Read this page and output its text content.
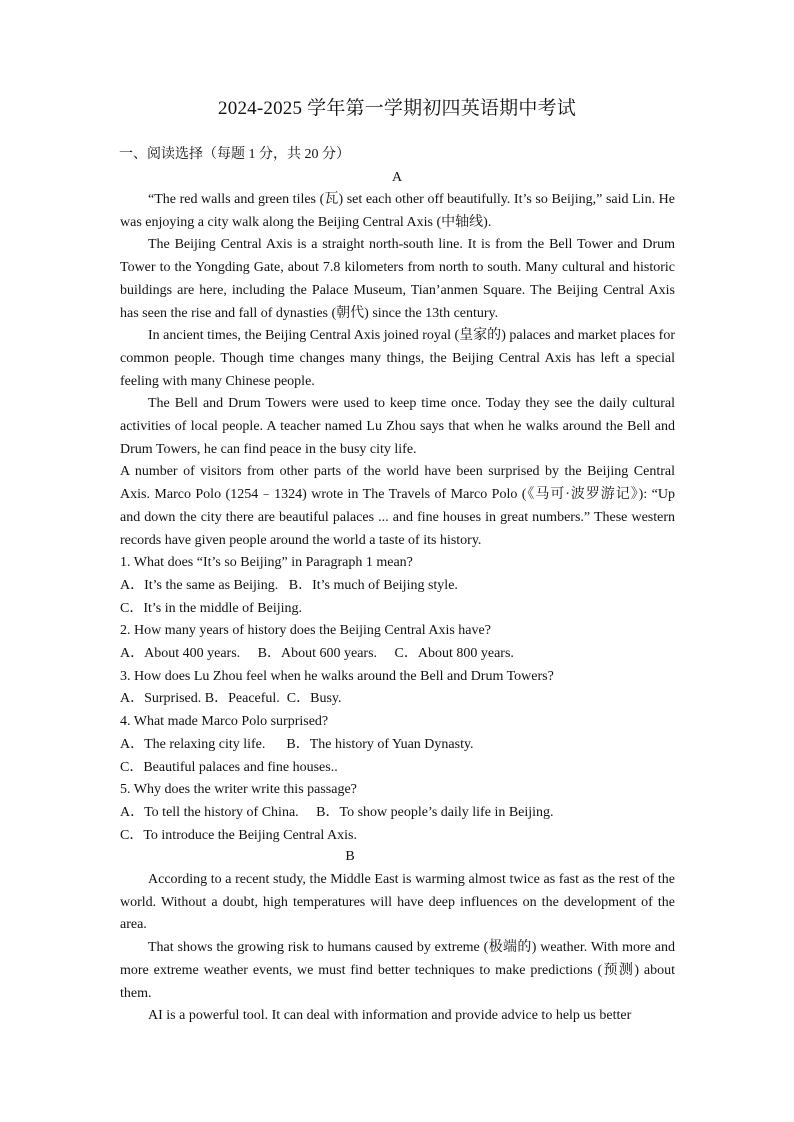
2024-2025 学年第一学期初四英语期中考试
一、阅读选择（每题 1 分，共 20 分）
A

“The red walls and green tiles (瓦) set each other off beautifully. It’s so Beijing,” said Lin. He was enjoying a city walk along the Beijing Central Axis (中轴线).

The Beijing Central Axis is a straight north-south line. It is from the Bell Tower and Drum Tower to the Yongding Gate, about 7.8 kilometers from north to south. Many cultural and historic buildings are here, including the Palace Museum, Tian’anmen Square. The Beijing Central Axis has seen the rise and fall of dynasties (朝代) since the 13th century.

In ancient times, the Beijing Central Axis joined royal (皇家的) palaces and market places for common people. Though time changes many things, the Beijing Central Axis has left a special feeling with many Chinese people.

The Bell and Drum Towers were used to keep time once. Today they see the daily cultural activities of local people. A teacher named Lu Zhou says that when he walks around the Bell and Drum Towers, he can find peace in the busy city life.

A number of visitors from other parts of the world have been surprised by the Beijing Central Axis. Marco Polo (1254﹣1324) wrote in The Travels of Marco Polo (《马可·波罗游记》): “Up and down the city there are beautiful palaces ... and fine houses in great numbers.” These western records have given people around the world a taste of its history.

1. What does “It’s so Beijing” in Paragraph 1 mean?

A．It’s the same as Beijing.   B．It’s much of Beijing style.

C．It’s in the middle of Beijing.

2. How many years of history does the Beijing Central Axis have?

A．About 400 years.     B．About 600 years.     C．About 800 years.

3. How does Lu Zhou feel when he walks around the Bell and Drum Towers?

A．Surprised. B．Peaceful.  C．Busy.

4. What made Marco Polo surprised?

A．The relaxing city life.      B．The history of Yuan Dynasty.

C．Beautiful palaces and fine houses..

5. Why does the writer write this passage?

A．To tell the history of China.     B．To show people’s daily life in Beijing.

C．To introduce the Beijing Central Axis.

B

According to a recent study, the Middle East is warming almost twice as fast as the rest of the world. Without a doubt, high temperatures will have deep influences on the development of the area.

That shows the growing risk to humans caused by extreme (极端的) weather. With more and more extreme weather events, we must find better techniques to make predictions (预测) about them.

AI is a powerful tool. It can deal with information and provide advice to help us better
